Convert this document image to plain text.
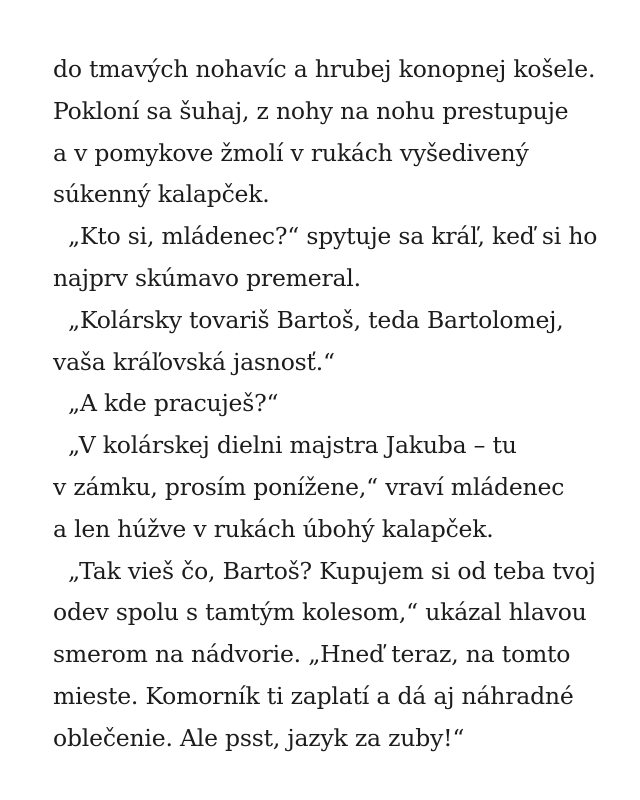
do tmavých nohavíc a hrubej konopnej košele.
Pokloní sa šuhaj, z nohy na nohu prestupuje
a v pomykove žmolí v rukách vyšedivený
súkenný kalapček.
„Kto si, mládenec?“ spytuje sa kráľ, keď si ho
najprv skúmavo premeral.
„Kolársky tovariš Bartoš, teda Bartolomej,
vaša kráľovská jasnosť.“
„A kde pracuješ?“
„V kolárskej dielni majstra Jakuba – tu
v zámku, prosím ponížene,“ vraví mládenec
a len húžve v rukách úbohý kalapček.
„Tak vieš čo, Bartoš? Kupujem si od teba tvoj
odev spolu s tamtým kolesom,“ ukázal hlavou
smerom na nádvorie. „Hneď teraz, na tomto
mieste. Komorník ti zaplatí a dá aj náhradné
oblečenie. Ale psst, jazyk za zuby!“
